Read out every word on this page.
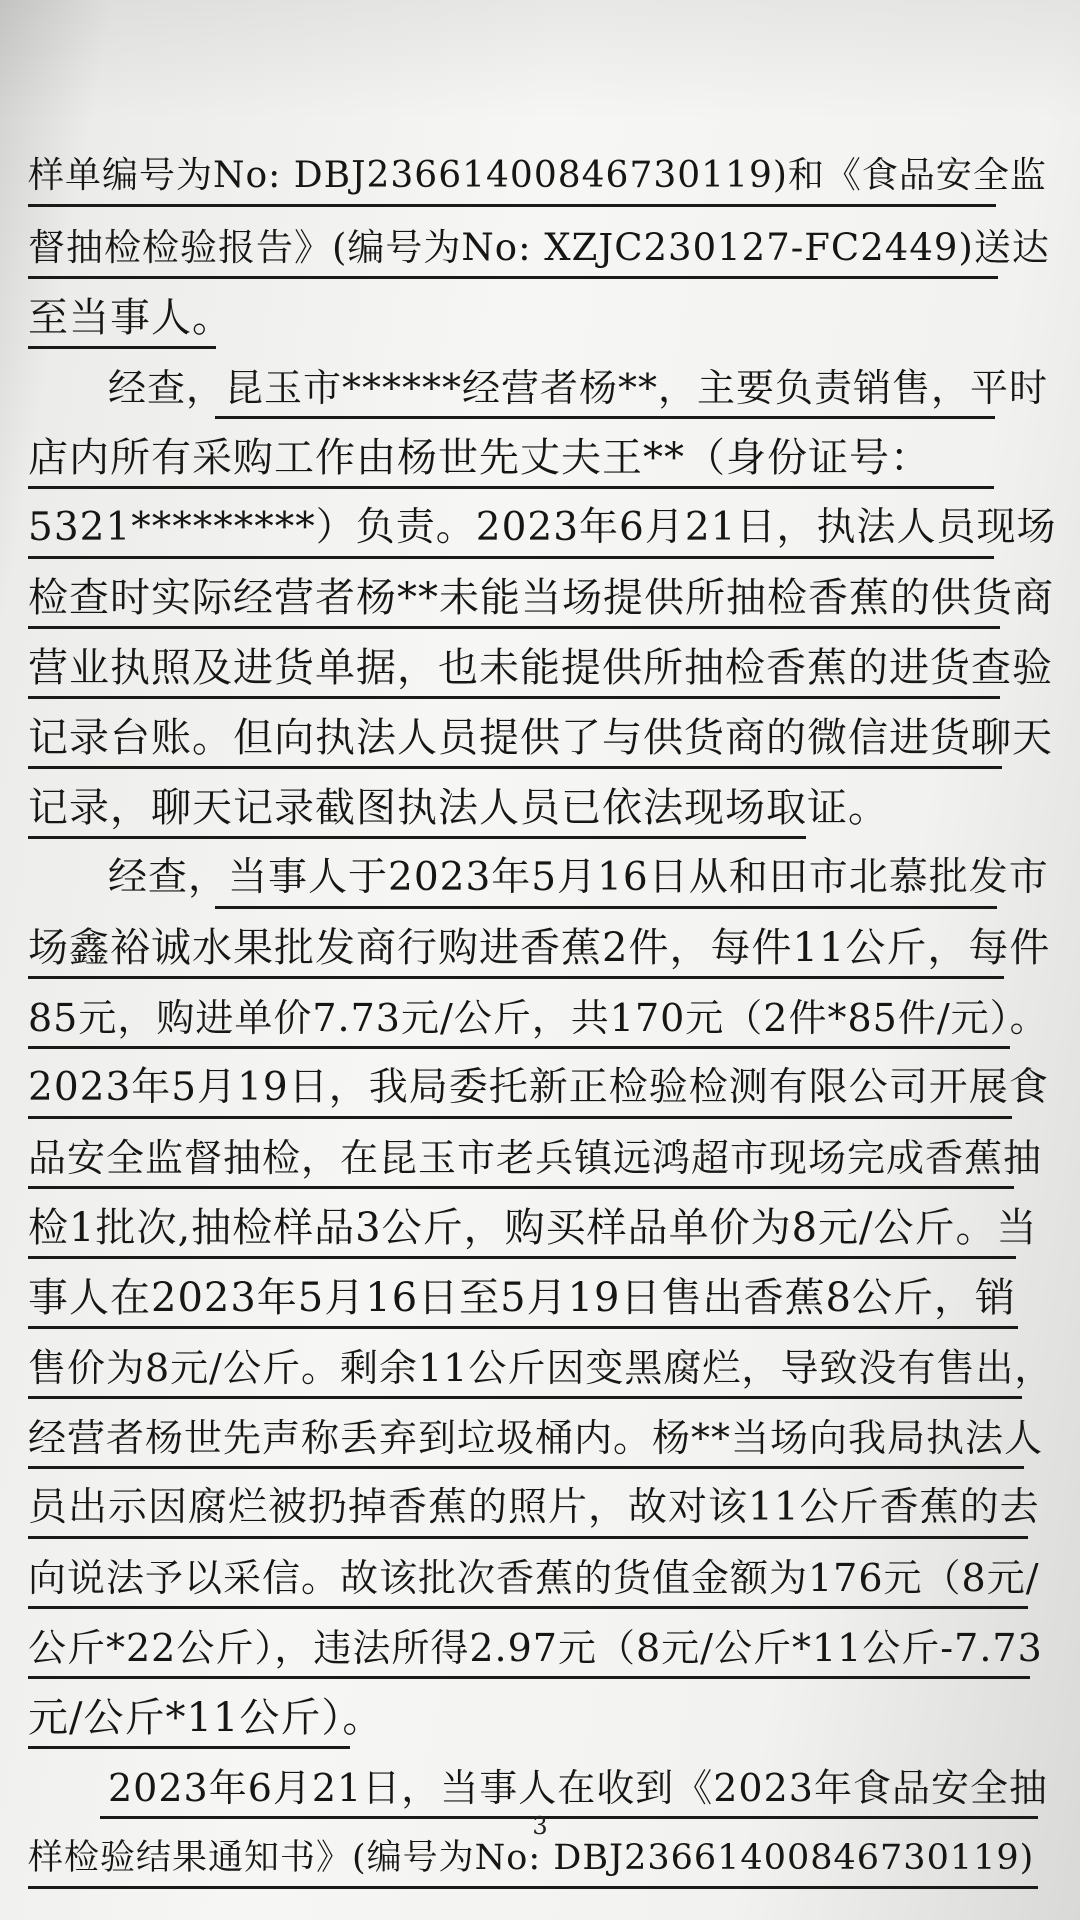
样单编号为No: DBJ23661400846730119)和《食品安全监
督抽检检验报告》(编号为No: XZJC230127-FC2449)送达
至当事人。
经查，昆玉市******经营者杨**，主要负责销售，平时
店内所有采购工作由杨世先丈夫王**（身份证号：
5321*********）负责。2023年6月21日，执法人员现场
检查时实际经营者杨**未能当场提供所抽检香蕉的供货商
营业执照及进货单据，也未能提供所抽检香蕉的进货查验
记录台账。但向执法人员提供了与供货商的微信进货聊天
记录，聊天记录截图执法人员已依法现场取证。
经查，当事人于2023年5月16日从和田市北慕批发市
场鑫裕诚水果批发商行购进香蕉2件，每件11公斤，每件
85元，购进单价7.73元/公斤，共170元（2件*85件/元）。
2023年5月19日，我局委托新正检验检测有限公司开展食
品安全监督抽检，在昆玉市老兵镇远鸿超市现场完成香蕉抽
检1批次,抽检样品3公斤，购买样品单价为8元/公斤。当
事人在2023年5月16日至5月19日售出香蕉8公斤，销
售价为8元/公斤。剩余11公斤因变黑腐烂，导致没有售出，
经营者杨世先声称丢弃到垃圾桶内。杨**当场向我局执法人
员出示因腐烂被扔掉香蕉的照片，故对该11公斤香蕉的去
向说法予以采信。故该批次香蕉的货值金额为176元（8元/
公斤*22公斤），违法所得2.97元（8元/公斤*11公斤-7.73
元/公斤*11公斤）。
2023年6月21日，当事人在收到《2023年食品安全抽
样检验结果通知书》(编号为No: DBJ23661400846730119)
3
